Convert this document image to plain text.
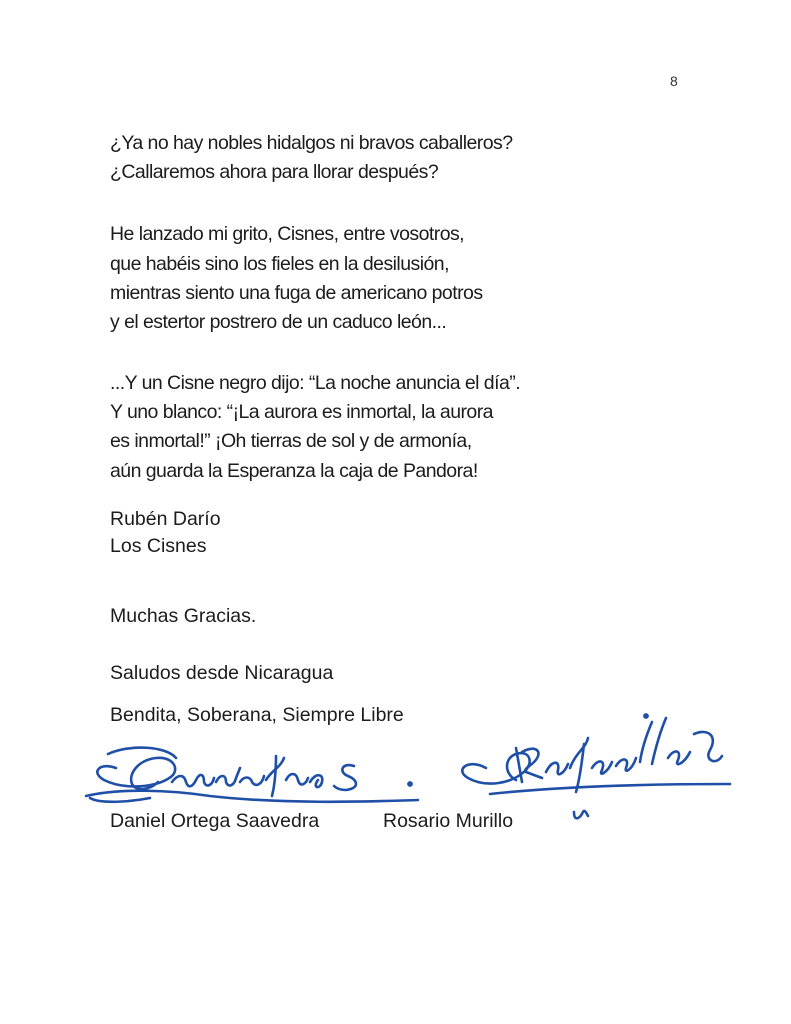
8
¿Ya no hay nobles hidalgos ni bravos caballeros?
¿Callaremos ahora para llorar después?
He lanzado mi grito, Cisnes, entre vosotros,
que habéis sino los fieles en la desilusión,
mientras siento una fuga de americano potros
y el estertor postrero de un caduco león...
...Y un Cisne negro dijo: “La noche anuncia el día”.
Y uno blanco: “¡La aurora es inmortal, la aurora
es inmortal!” ¡Oh tierras de sol y de armonía,
aún guarda la Esperanza la caja de Pandora!
Rubén Darío
Los Cisnes
Muchas Gracias.
Saludos desde Nicaragua
Bendita, Soberana, Siempre Libre
Daniel Ortega Saavedra	Rosario Murillo
